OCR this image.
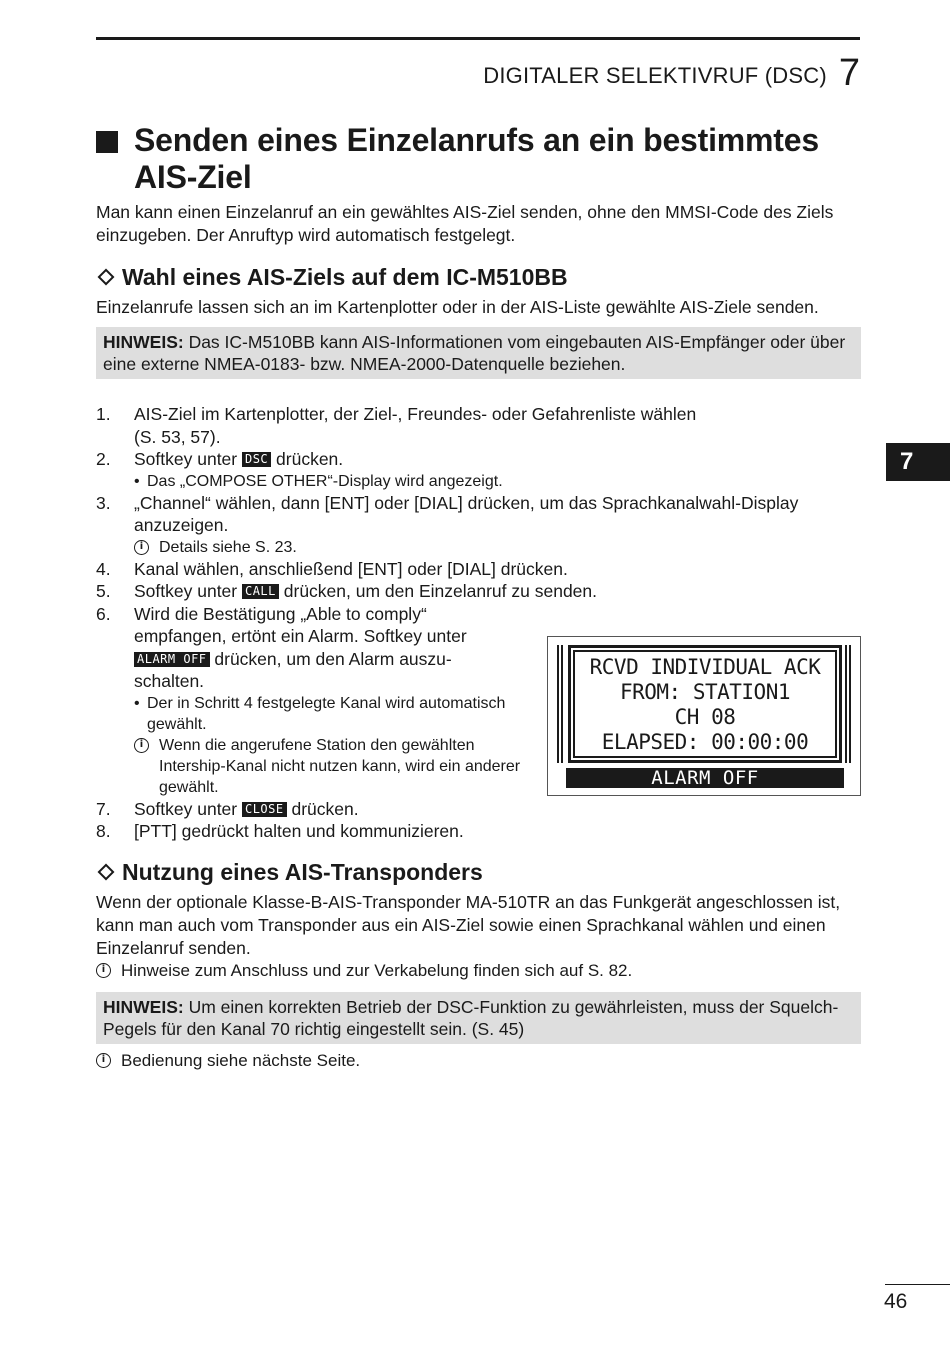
DIGITALER SELEKTIVRUF (DSC) 7
7
Senden eines Einzelanrufs an ein bestimmtes
AIS-Ziel
Man kann einen Einzelanruf an ein gewähltes AIS-Ziel senden, ohne den MMSI-Code des Ziels einzugeben. Der Anruftyp wird automatisch festgelegt.
Wahl eines AIS-Ziels auf dem IC-M510BB
Einzelanrufe lassen sich an im Kartenplotter oder in der AIS-Liste gewählte AIS-Ziele senden.
HINWEIS: Das IC-M510BB kann AIS-Informationen vom eingebauten AIS-Empfänger oder über eine externe NMEA-0183- bzw. NMEA-2000-Datenquelle beziehen.
1.	AIS-Ziel im Kartenplotter, der Ziel-, Freundes- oder Gefahrenliste wählen
(S. 53, 57).
2.	Softkey unter DSC drücken.
• Das „COMPOSE OTHER“-Display wird angezeigt.
3.	„Channel“ wählen, dann [ENT] oder [DIAL] drücken, um das Sprachkanalwahl-Display anzuzeigen.
i Details siehe S. 23.
4.	Kanal wählen, anschließend [ENT] oder [DIAL] drücken.
5.	Softkey unter CALL drücken, um den Einzelanruf zu senden.
6.	Wird die Bestätigung „Able to comply“
empfangen, ertönt ein Alarm. Softkey unter
ALARM OFF drücken, um den Alarm auszu-
schalten.
• Der in Schritt 4 festgelegte Kanal wird automatisch gewählt.
i Wenn die angerufene Station den gewählten Intership-Kanal nicht nutzen kann, wird ein anderer gewählt.
7.	Softkey unter CLOSE drücken.
8.	[PTT] gedrückt halten und kommunizieren.
Nutzung eines AIS-Transponders
Wenn der optionale Klasse-B-AIS-Transponder MA-510TR an das Funkgerät angeschlossen ist, kann man auch vom Transponder aus ein AIS-Ziel sowie einen Sprachkanal wählen und einen Einzelanruf senden.
i Hinweise zum Anschluss und zur Verkabelung finden sich auf S. 82.
HINWEIS: Um einen korrekten Betrieb der DSC-Funktion zu gewährleisten, muss der Squelch-Pegels für den Kanal 70 richtig eingestellt sein. (S. 45)
i Bedienung siehe nächste Seite.
RCVD INDIVIDUAL ACK
FROM: STATION1
CH 08
ELAPSED: 00:00:00
ALARM OFF
46
